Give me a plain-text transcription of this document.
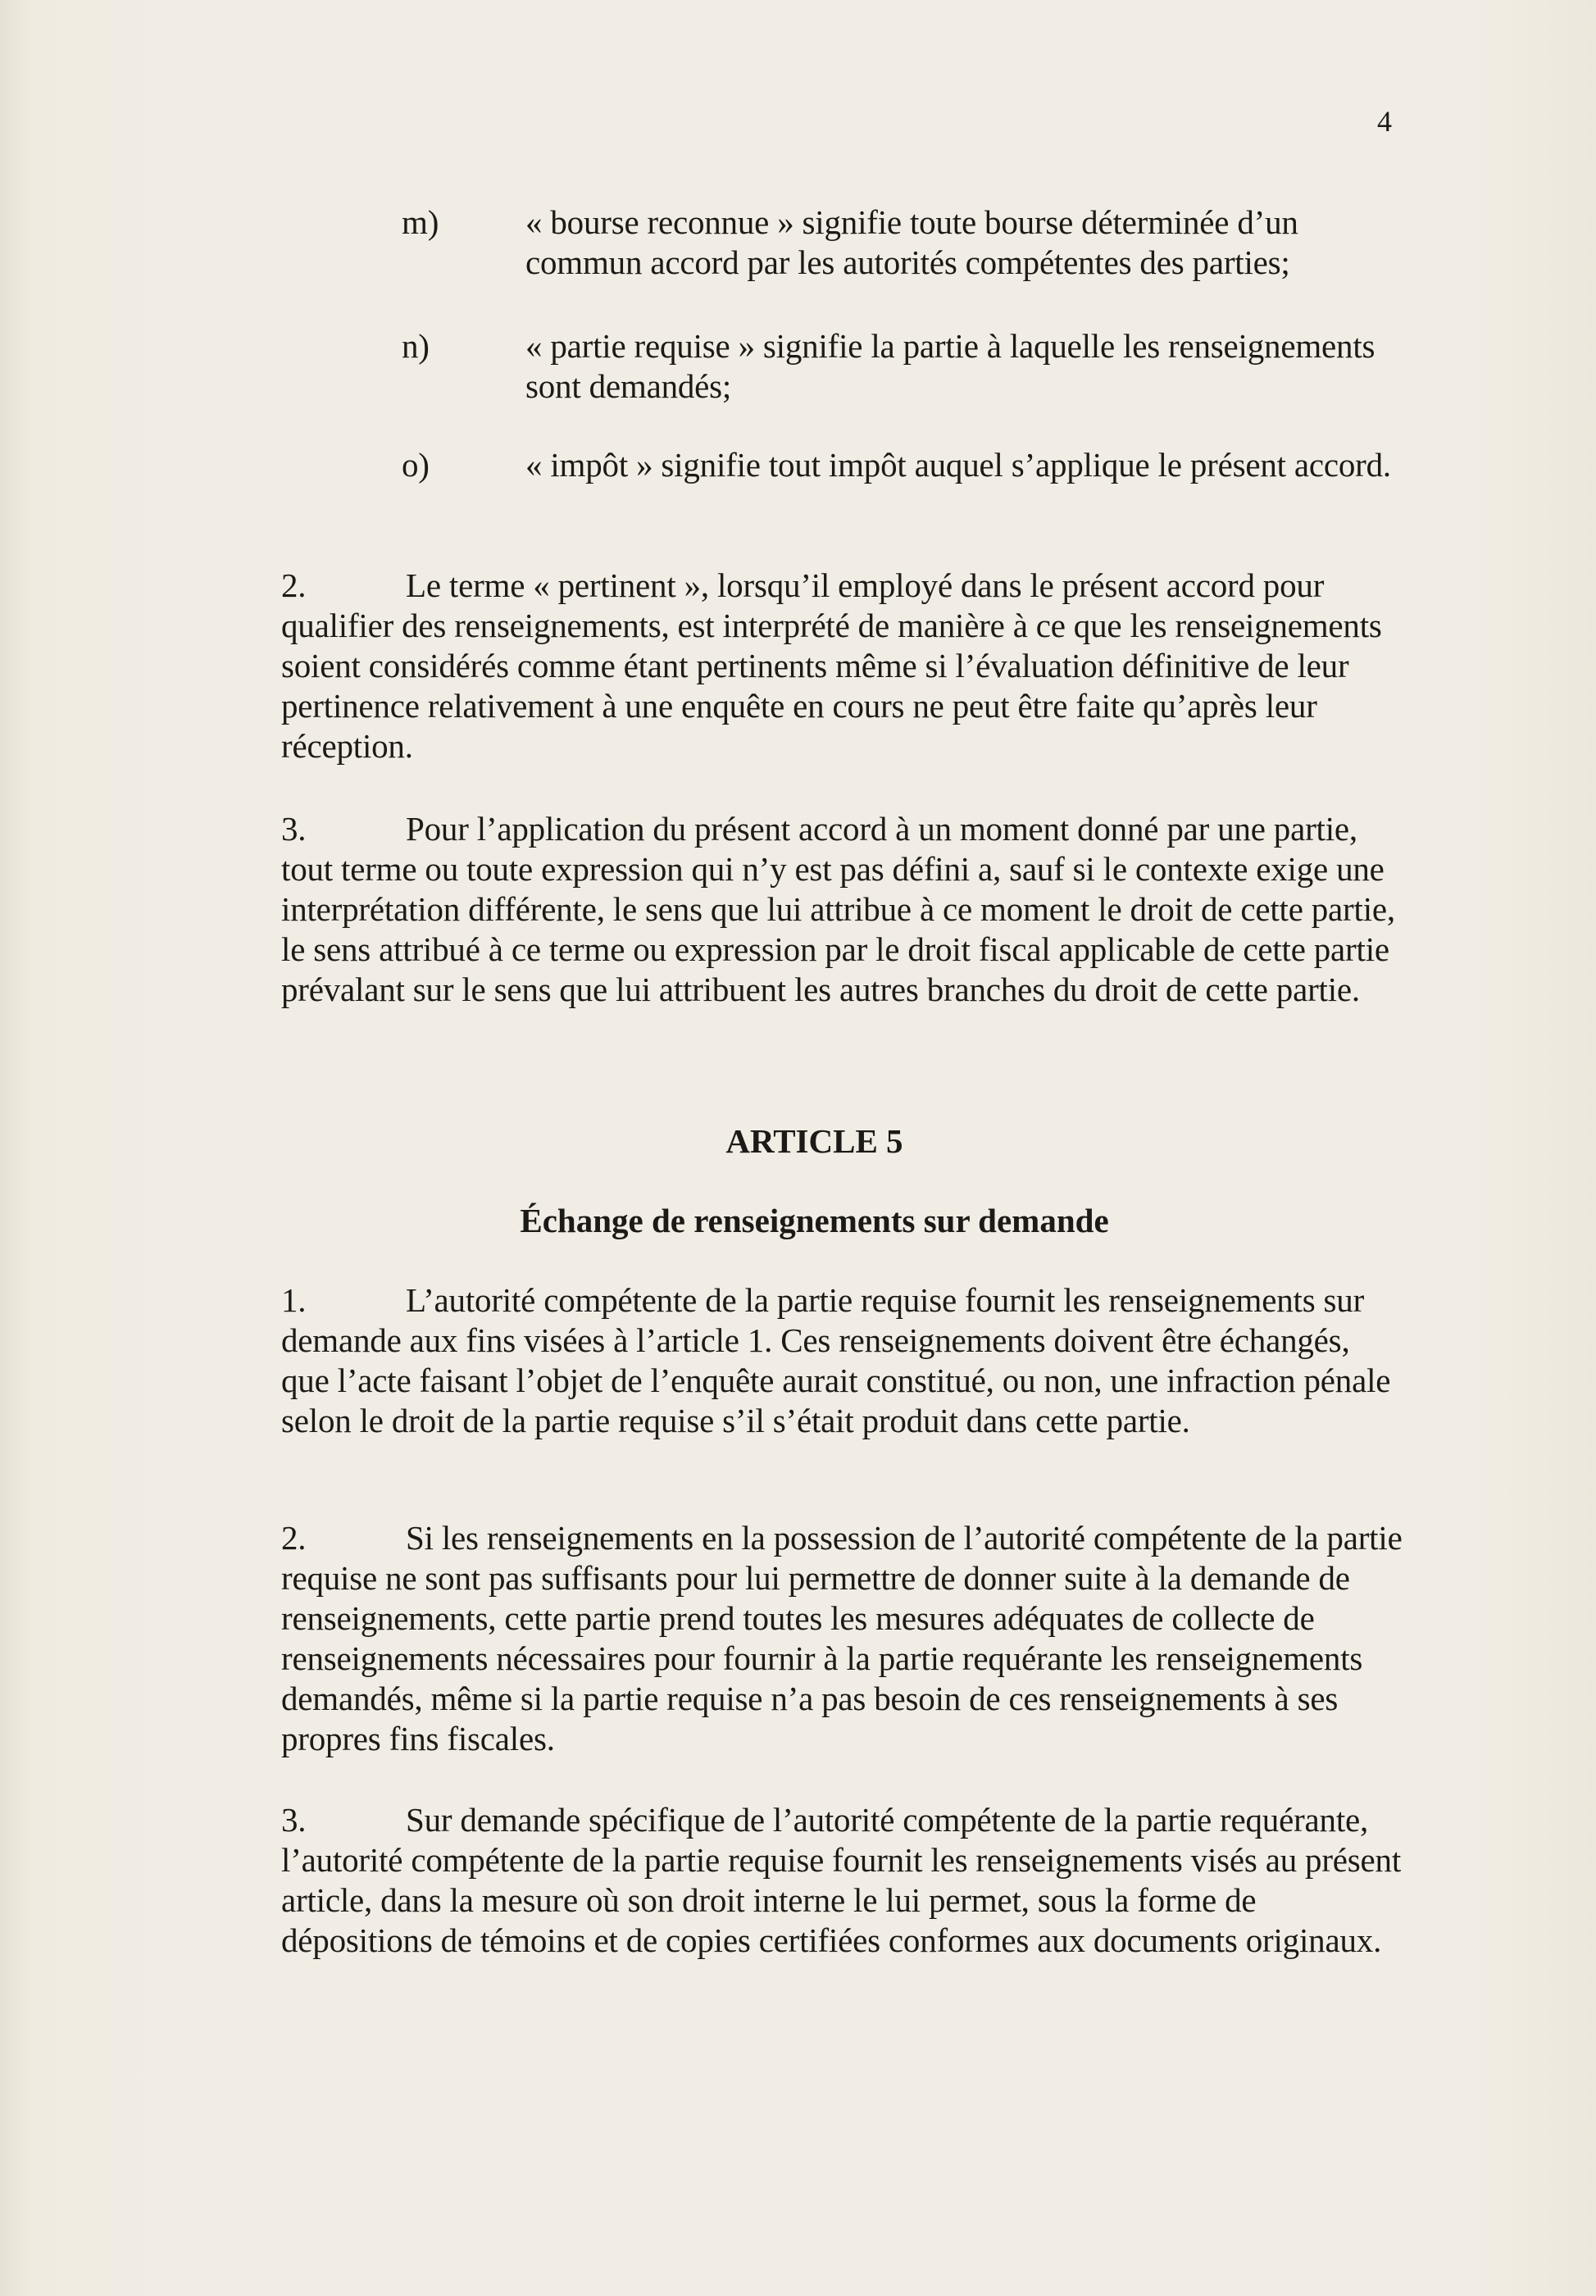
4
m)	« bourse reconnue » signifie toute bourse déterminée d’un commun accord par les autorités compétentes des parties;
n)	« partie requise » signifie la partie à laquelle les renseignements sont demandés;
o)	« impôt » signifie tout impôt auquel s’applique le présent accord.
2.	Le terme « pertinent », lorsqu’il employé dans le présent accord pour qualifier des renseignements, est interprété de manière à ce que les renseignements soient considérés comme étant pertinents même si l’évaluation définitive de leur pertinence relativement à une enquête en cours ne peut être faite qu’après leur réception.
3.	Pour l’application du présent accord à un moment donné par une partie, tout terme ou toute expression qui n’y est pas défini a, sauf si le contexte exige une interprétation différente, le sens que lui attribue à ce moment le droit de cette partie, le sens attribué à ce terme ou expression par le droit fiscal applicable de cette partie prévalant sur le sens que lui attribuent les autres branches du droit de cette partie.
ARTICLE 5
Échange de renseignements sur demande
1.	L’autorité compétente de la partie requise fournit les renseignements sur demande aux fins visées à l’article 1. Ces renseignements doivent être échangés, que l’acte faisant l’objet de l’enquête aurait constitué, ou non, une infraction pénale selon le droit de la partie requise s’il s’était produit dans cette partie.
2.	Si les renseignements en la possession de l’autorité compétente de la partie requise ne sont pas suffisants pour lui permettre de donner suite à la demande de renseignements, cette partie prend toutes les mesures adéquates de collecte de renseignements nécessaires pour fournir à la partie requérante les renseignements demandés, même si la partie requise n’a pas besoin de ces renseignements à ses propres fins fiscales.
3.	Sur demande spécifique de l’autorité compétente de la partie requérante, l’autorité compétente de la partie requise fournit les renseignements visés au présent article, dans la mesure où son droit interne le lui permet, sous la forme de dépositions de témoins et de copies certifiées conformes aux documents originaux.
